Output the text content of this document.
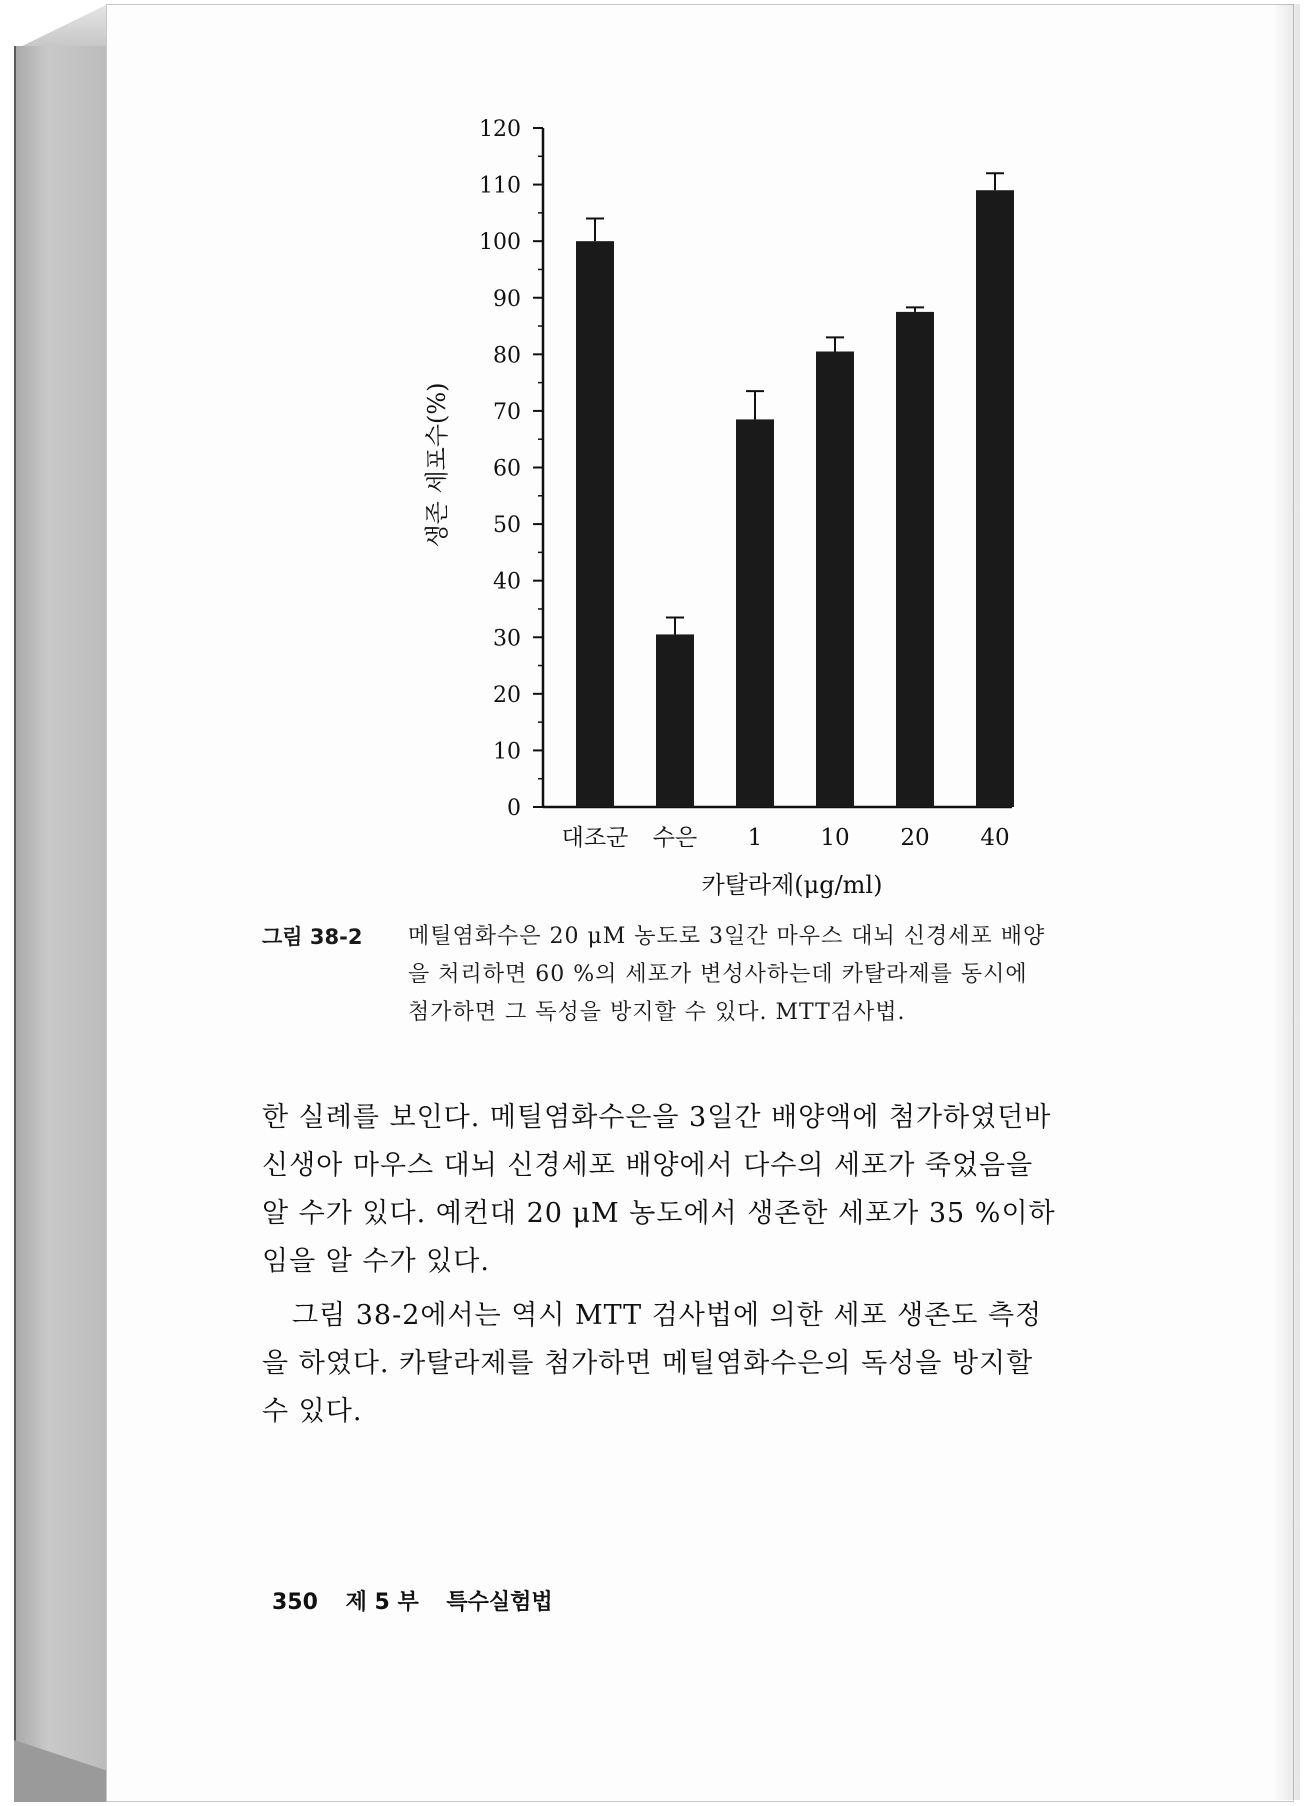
생존 세포수(%)
0
10
20
30
40
50
60
70
80
90
100
110
120
대조군 수은 1	10 20 40
카탈라제(μg/ml)
그림 38-2 메틸염화수은 20 μM 농도로 3일간 마우스 대뇌 신경세포 배양
을 처리하면 60 %의 세포가 변성사하는데 카탈라제를 동시에
첨가하면 그 독성을 방지할 수 있다. MTT검사법.

한 실례를 보인다. 메틸염화수은을 3일간 배양액에 첨가하였던바
신생아 마우스 대뇌 신경세포 배양에서 다수의 세포가 죽었음을
알 수가 있다. 예컨대 20 μM 농도에서 생존한 세포가 35 %이하
임을 알 수가 있다.

그림 38-2에서는 역시 MTT 검사법에 의한 세포 생존도 측정
을 하였다. 카탈라제를 첨가하면 메틸염화수은의 독성을 방지할
수 있다.

350 제 5 부 특수실험법
